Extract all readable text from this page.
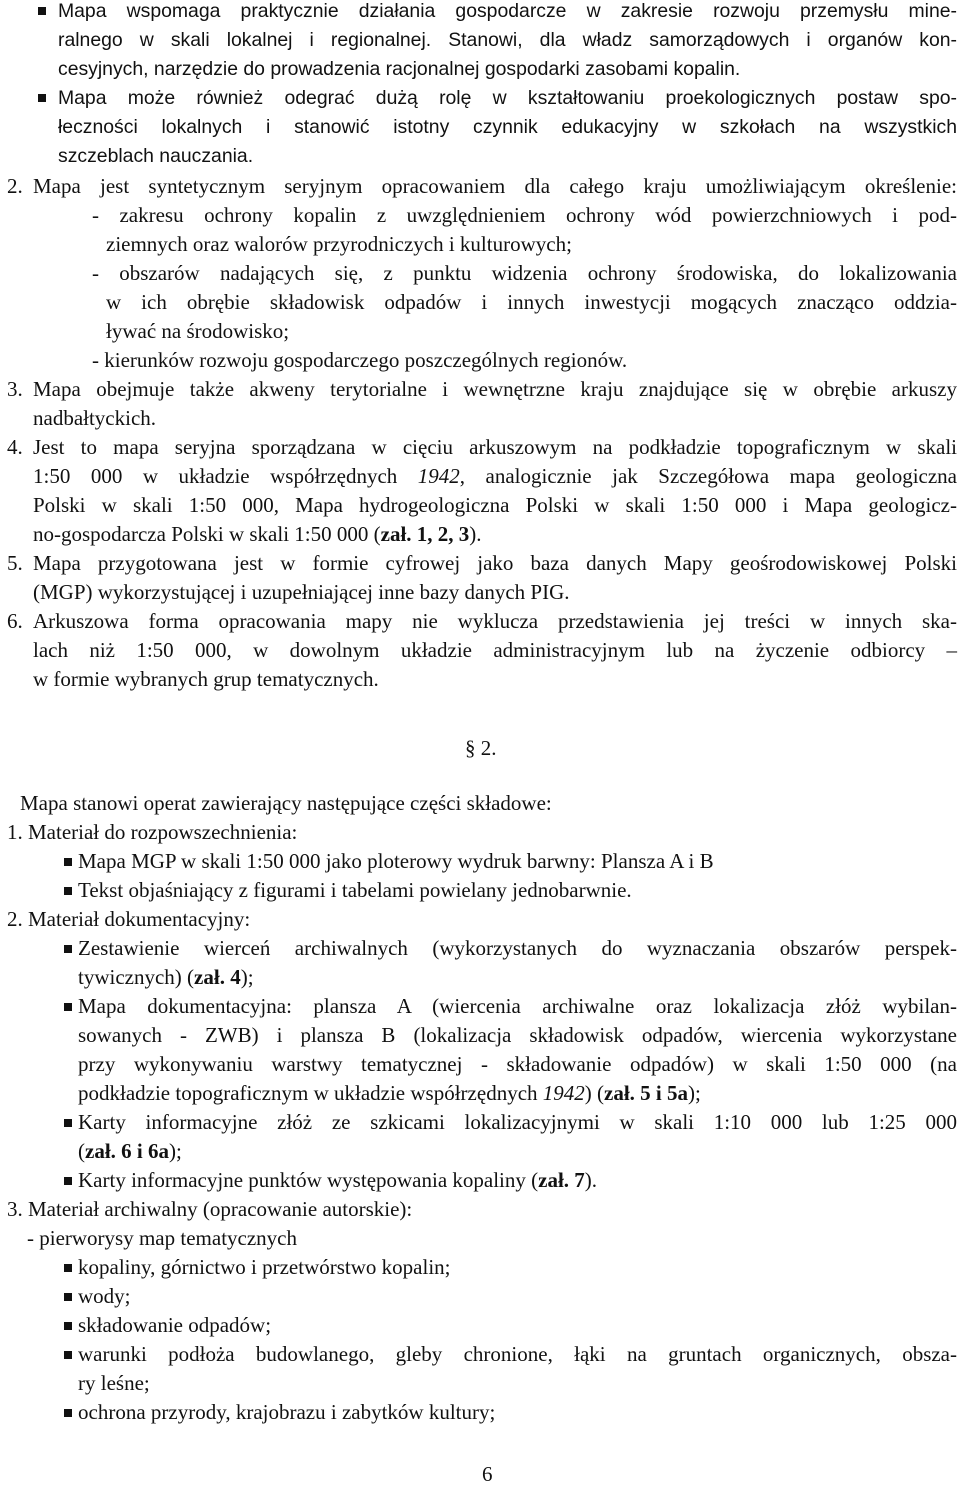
Mapa wspomaga praktycznie działania gospodarcze w zakresie rozwoju przemysłu mine-
ralnego w skali lokalnej i regionalnej. Stanowi, dla władz samorządowych i organów kon-
cesyjnych, narzędzie do prowadzenia racjonalnej gospodarki zasobami kopalin.
Mapa może również odegrać dużą rolę w kształtowaniu proekologicznych postaw spo-
łeczności lokalnych i stanowić istotny czynnik edukacyjny w szkołach na wszystkich
szczeblach nauczania.
2. Mapa jest syntetycznym seryjnym opracowaniem dla całego kraju umożliwiającym określenie:
- zakresu ochrony kopalin z uwzględnieniem ochrony wód powierzchniowych i pod-
ziemnych oraz walorów przyrodniczych i kulturowych;
- obszarów nadających się, z punktu widzenia ochrony środowiska, do lokalizowania
w ich obrębie składowisk odpadów i innych inwestycji mogących znacząco oddzia-
ływać na środowisko;
- kierunków rozwoju gospodarczego poszczególnych regionów.
3. Mapa obejmuje także akweny terytorialne i wewnętrzne kraju znajdujące się w obrębie arkuszy
nadbałtyckich.
4. Jest to mapa seryjna sporządzana w cięciu arkuszowym na podkładzie topograficznym w skali
1:50 000 w układzie współrzędnych 1942, analogicznie jak Szczegółowa mapa geologiczna
Polski w skali 1:50 000, Mapa hydrogeologiczna Polski w skali 1:50 000 i Mapa geologicz-
no-gospodarcza Polski w skali 1:50 000 (zał. 1, 2, 3).
5. Mapa przygotowana jest w formie cyfrowej jako baza danych Mapy geośrodowiskowej Polski
(MGP) wykorzystującej i uzupełniającej inne bazy danych PIG.
6. Arkuszowa forma opracowania mapy nie wyklucza przedstawienia jej treści w innych ska-
lach niż 1:50 000, w dowolnym układzie administracyjnym lub na życzenie odbiorcy –
w formie wybranych grup tematycznych.
§ 2.
Mapa stanowi operat zawierający następujące części składowe:
1. Materiał do rozpowszechnienia:
Mapa MGP w skali 1:50 000 jako ploterowy wydruk barwny: Plansza A i B
Tekst objaśniający z figurami i tabelami powielany jednobarwnie.
2. Materiał dokumentacyjny:
Zestawienie wierceń archiwalnych (wykorzystanych do wyznaczania obszarów perspek-
tywicznych) (zał. 4);
Mapa dokumentacyjna: plansza A (wiercenia archiwalne oraz lokalizacja złóż wybilan-
sowanych - ZWB) i plansza B (lokalizacja składowisk odpadów, wiercenia wykorzystane
przy wykonywaniu warstwy tematycznej - składowanie odpadów) w skali 1:50 000 (na
podkładzie topograficznym w układzie współrzędnych 1942) (zał. 5 i 5a);
Karty informacyjne złóż ze szkicami lokalizacyjnymi w skali 1:10 000 lub 1:25 000
(zał. 6 i 6a);
Karty informacyjne punktów występowania kopaliny (zał. 7).
3. Materiał archiwalny (opracowanie autorskie):
- pierworysy map tematycznych
kopaliny, górnictwo i przetwórstwo kopalin;
wody;
składowanie odpadów;
warunki podłoża budowlanego, gleby chronione, łąki na gruntach organicznych, obsza-
ry leśne;
ochrona przyrody, krajobrazu i zabytków kultury;
6
